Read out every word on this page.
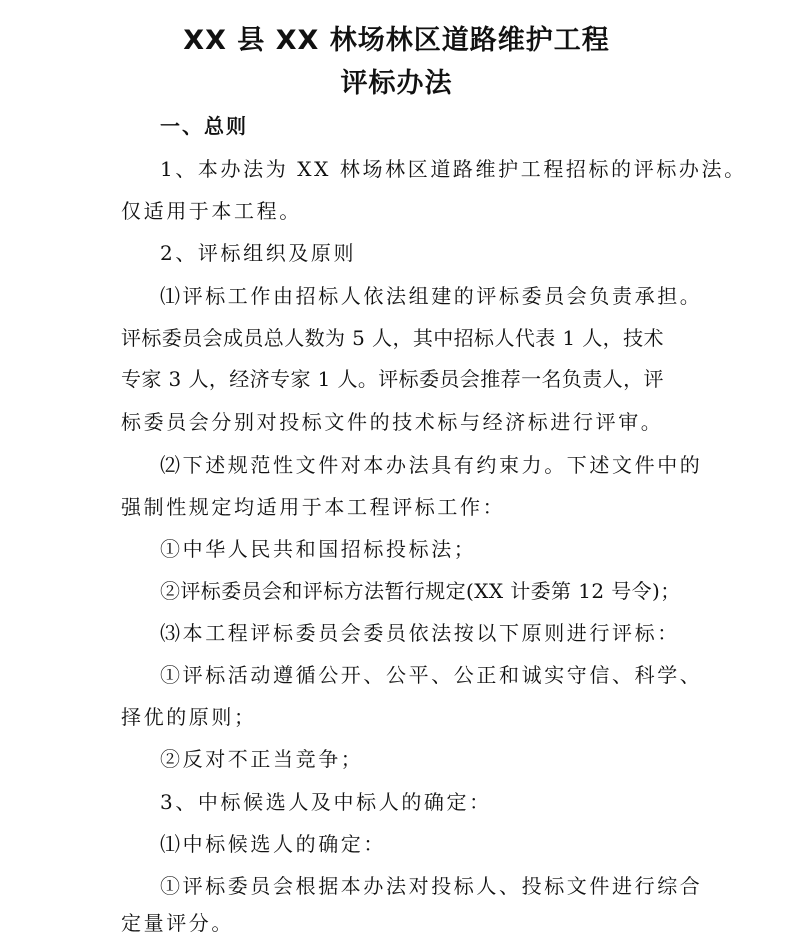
XX 县 XX 林场林区道路维护工程
评标办法

一、总则

1、本办法为 XX 林场林区道路维护工程招标的评标办法。

仅适用于本工程。

2、评标组织及原则

⑴评标工作由招标人依法组建的评标委员会负责承担。

评标委员会成员总人数为 5 人，其中招标人代表 1 人，技术

专家 3 人，经济专家 1 人。评标委员会推荐一名负责人，评

标委员会分别对投标文件的技术标与经济标进行评审。

⑵下述规范性文件对本办法具有约束力。下述文件中的

强制性规定均适用于本工程评标工作：

①中华人民共和国招标投标法；

②评标委员会和评标方法暂行规定(XX 计委第 12 号令)；

⑶本工程评标委员会委员依法按以下原则进行评标：

①评标活动遵循公开、公平、公正和诚实守信、科学、

择优的原则；

②反对不正当竞争；

3、中标候选人及中标人的确定：

⑴中标候选人的确定：

①评标委员会根据本办法对投标人、投标文件进行综合

定量评分。
